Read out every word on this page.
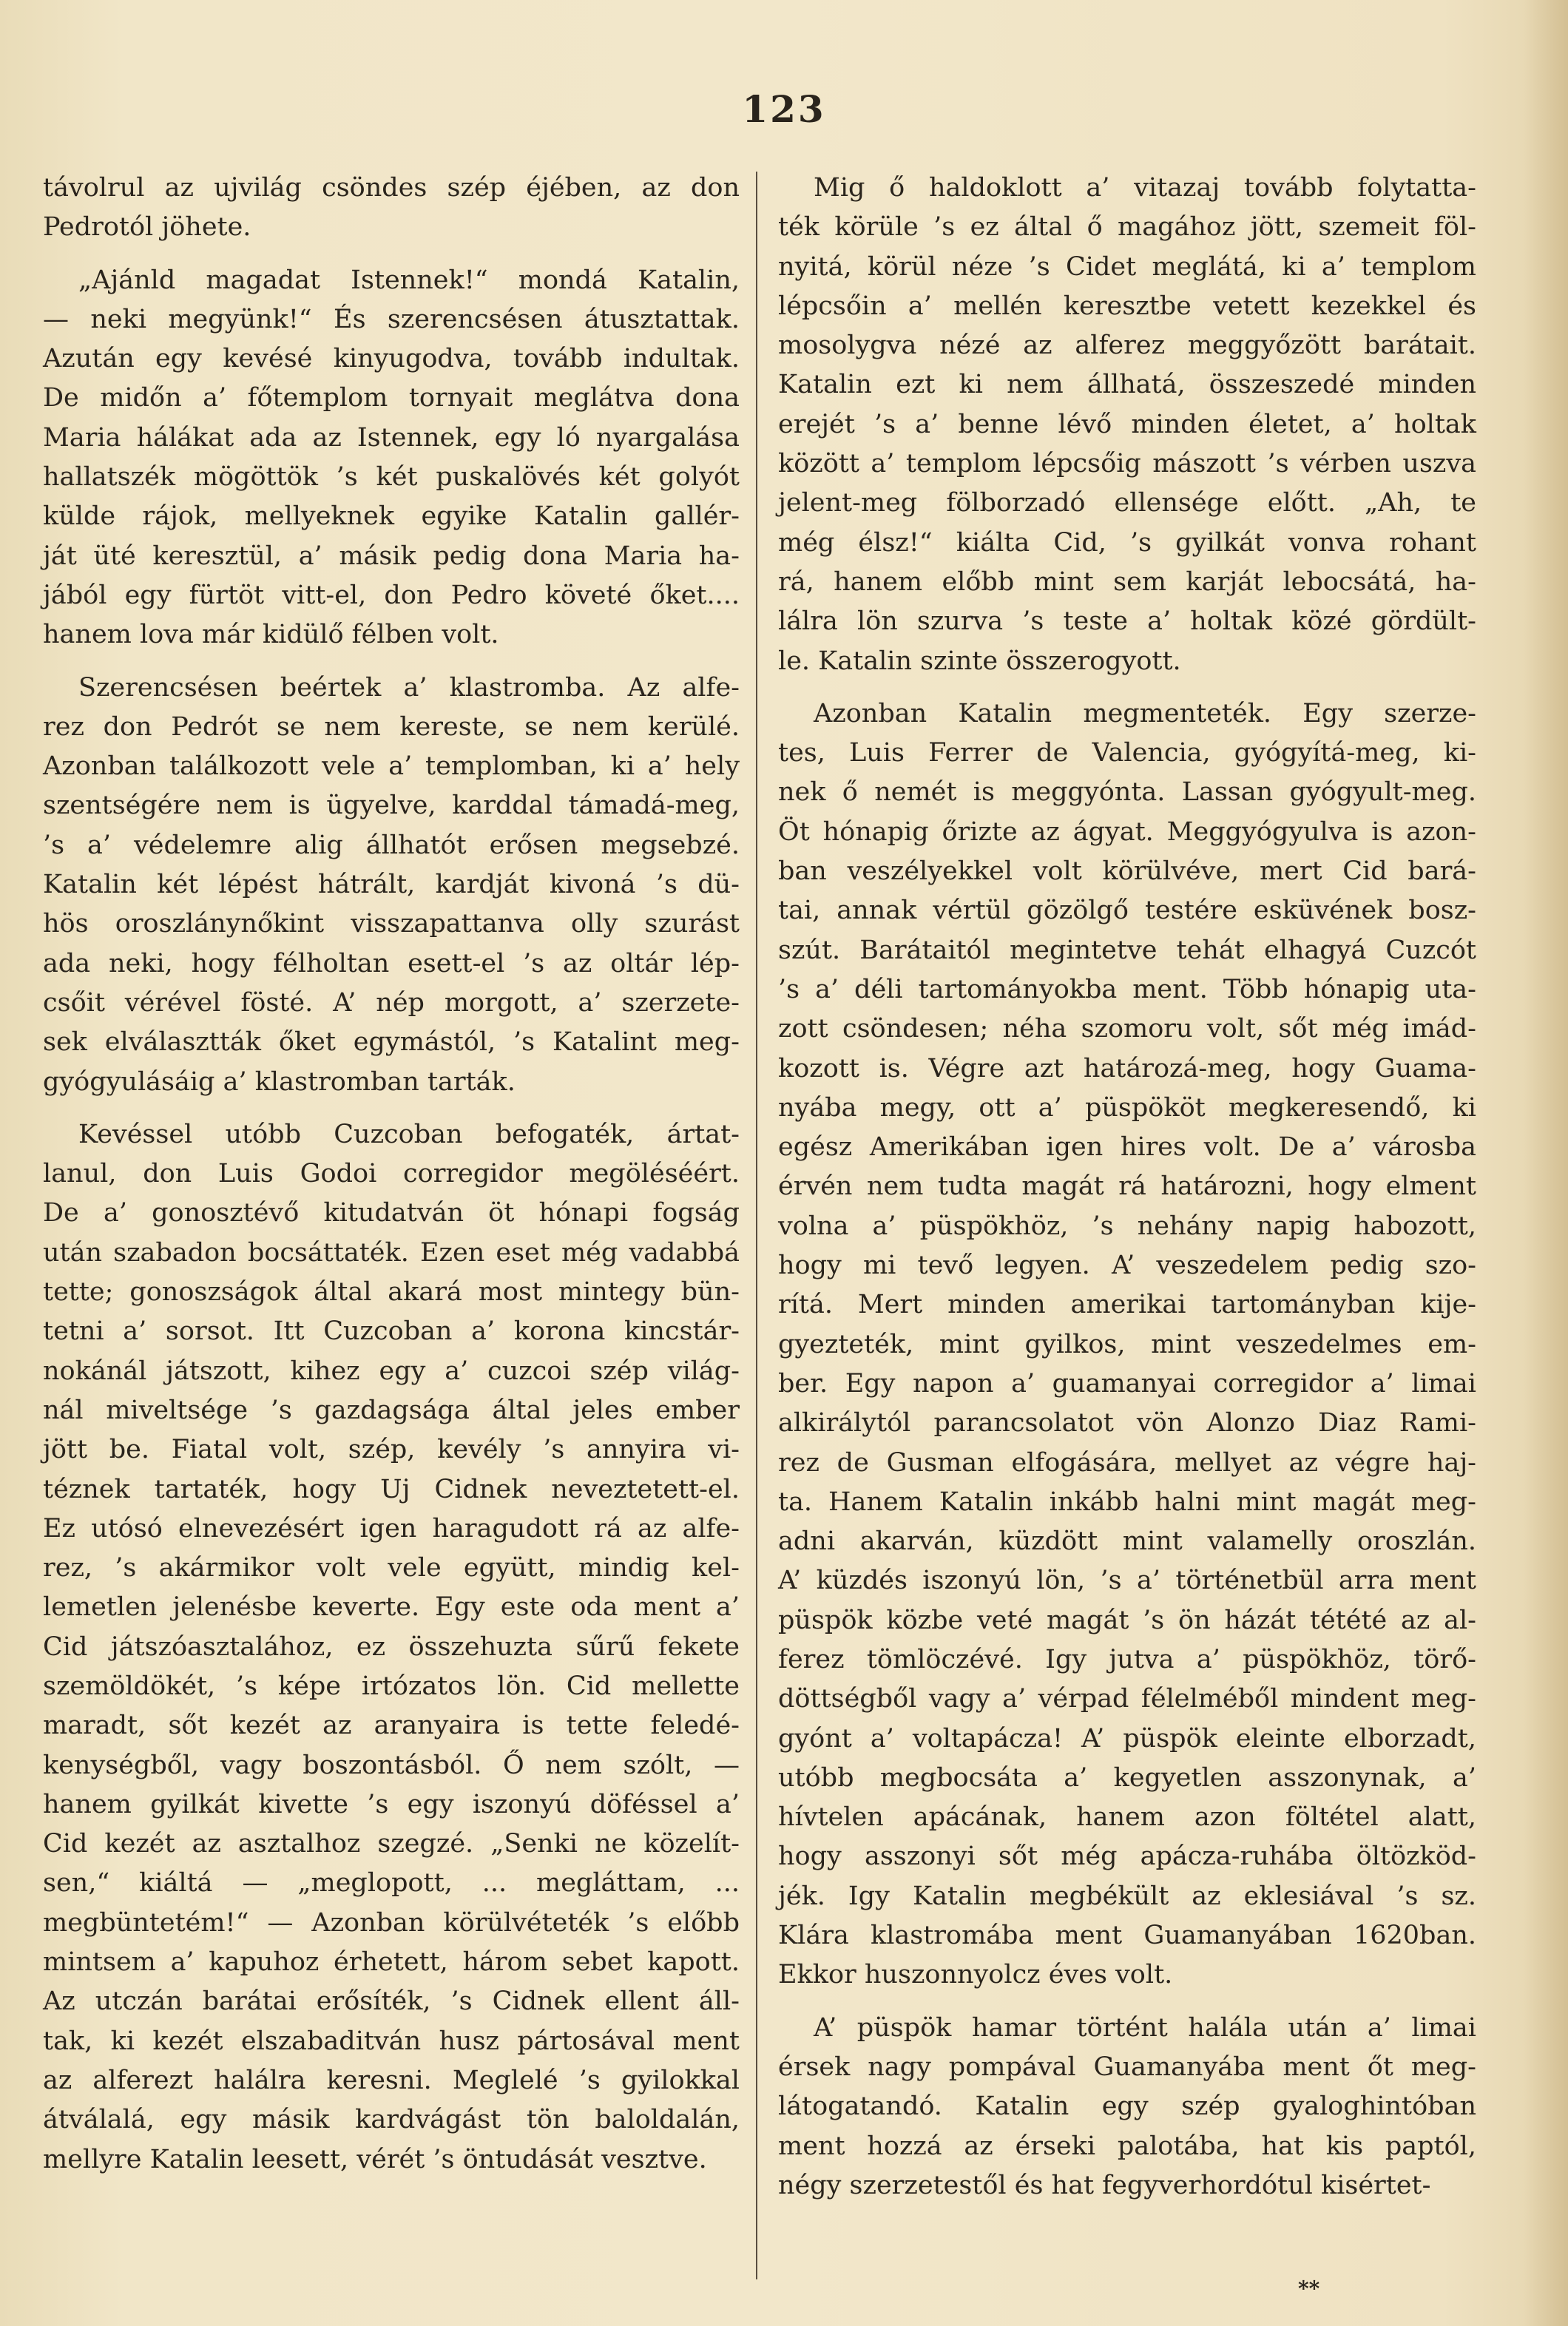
123
távolrul az ujvilág csöndes szép éjében, az don
Pedrotól jöhete.
„Ajánld magadat Istennek!“ mondá Katalin,
— neki megyünk!“ És szerencsésen átusztattak.
Azután egy kevésé kinyugodva, tovább indultak.
De midőn a’ főtemplom tornyait meglátva dona
Maria hálákat ada az Istennek, egy ló nyargalása
hallatszék mögöttök ’s két puskalövés két golyót
külde rájok, mellyeknek egyike Katalin gallér-
ját üté keresztül, a’ másik pedig dona Maria ha-
jából egy fürtöt vitt-el, don Pedro követé őket....
hanem lova már kidülő félben volt.
Szerencsésen beértek a’ klastromba. Az alfe-
rez don Pedrót se nem kereste, se nem kerülé.
Azonban találkozott vele a’ templomban, ki a’ hely
szentségére nem is ügyelve, karddal támadá-meg,
’s a’ védelemre alig állhatót erősen megsebzé.
Katalin két lépést hátrált, kardját kivoná ’s dü-
hös oroszlánynőkint visszapattanva olly szurást
ada neki, hogy félholtan esett-el ’s az oltár lép-
csőit vérével fösté. A’ nép morgott, a’ szerzete-
sek elválasztták őket egymástól, ’s Katalint meg-
gyógyulásáig a’ klastromban tarták.
Kevéssel utóbb Cuzcoban befogaték, ártat-
lanul, don Luis Godoi corregidor megöléséért.
De a’ gonosztévő kitudatván öt hónapi fogság
után szabadon bocsáttaték. Ezen eset még vadabbá
tette; gonoszságok által akará most mintegy bün-
tetni a’ sorsot. Itt Cuzcoban a’ korona kincstár-
nokánál játszott, kihez egy a’ cuzcoi szép világ-
nál miveltsége ’s gazdagsága által jeles ember
jött be. Fiatal volt, szép, kevély ’s annyira vi-
téznek tartaték, hogy Uj Cidnek neveztetett-el.
Ez utósó elnevezésért igen haragudott rá az alfe-
rez, ’s akármikor volt vele együtt, mindig kel-
lemetlen jelenésbe keverte. Egy este oda ment a’
Cid játszóasztalához, ez összehuzta sűrű fekete
szemöldökét, ’s képe irtózatos lön. Cid mellette
maradt, sőt kezét az aranyaira is tette feledé-
kenységből, vagy boszontásból. Ő nem szólt, —
hanem gyilkát kivette ’s egy iszonyú döféssel a’
Cid kezét az asztalhoz szegzé. „Senki ne közelít-
sen,“ kiáltá — „meglopott, ... megláttam, ...
megbüntetém!“ — Azonban körülvéteték ’s előbb
mintsem a’ kapuhoz érhetett, három sebet kapott.
Az utczán barátai erősíték, ’s Cidnek ellent áll-
tak, ki kezét elszabaditván husz pártosával ment
az alferezt halálra keresni. Meglelé ’s gyilokkal
átválalá, egy másik kardvágást tön baloldalán,
mellyre Katalin leesett, vérét ’s öntudását vesztve.
Mig ő haldoklott a’ vitazaj tovább folytatta-
ték körüle ’s ez által ő magához jött, szemeit föl-
nyitá, körül néze ’s Cidet meglátá, ki a’ templom
lépcsőin a’ mellén keresztbe vetett kezekkel és
mosolygva nézé az alferez meggyőzött barátait.
Katalin ezt ki nem állhatá, összeszedé minden
erejét ’s a’ benne lévő minden életet, a’ holtak
között a’ templom lépcsőig mászott ’s vérben uszva
jelent-meg fölborzadó ellensége előtt. „Ah, te
még élsz!“ kiálta Cid, ’s gyilkát vonva rohant
rá, hanem előbb mint sem karját lebocsátá, ha-
lálra lön szurva ’s teste a’ holtak közé gördült-
le. Katalin szinte összerogyott.
Azonban Katalin megmenteték. Egy szerze-
tes, Luis Ferrer de Valencia, gyógyítá-meg, ki-
nek ő nemét is meggyónta. Lassan gyógyult-meg.
Öt hónapig őrizte az ágyat. Meggyógyulva is azon-
ban veszélyekkel volt körülvéve, mert Cid bará-
tai, annak vértül gözölgő testére esküvének bosz-
szút. Barátaitól megintetve tehát elhagyá Cuzcót
’s a’ déli tartományokba ment. Több hónapig uta-
zott csöndesen; néha szomoru volt, sőt még imád-
kozott is. Végre azt határozá-meg, hogy Guama-
nyába megy, ott a’ püspököt megkeresendő, ki
egész Amerikában igen hires volt. De a’ városba
érvén nem tudta magát rá határozni, hogy elment
volna a’ püspökhöz, ’s nehány napig habozott,
hogy mi tevő legyen. A’ veszedelem pedig szo-
rítá. Mert minden amerikai tartományban kije-
gyezteték, mint gyilkos, mint veszedelmes em-
ber. Egy napon a’ guamanyai corregidor a’ limai
alkirálytól parancsolatot vön Alonzo Diaz Rami-
rez de Gusman elfogására, mellyet az végre haj-
ta. Hanem Katalin inkább halni mint magát meg-
adni akarván, küzdött mint valamelly oroszlán.
A’ küzdés iszonyú lön, ’s a’ történetbül arra ment
püspök közbe veté magát ’s ön házát tétété az al-
ferez tömlöczévé. Igy jutva a’ püspökhöz, törő-
döttségből vagy a’ vérpad félelméből mindent meg-
gyónt a’ voltapácza! A’ püspök eleinte elborzadt,
utóbb megbocsáta a’ kegyetlen asszonynak, a’
hívtelen apácának, hanem azon föltétel alatt,
hogy asszonyi sőt még apácza-ruhába öltözköd-
jék. Igy Katalin megbékült az eklesiával ’s sz.
Klára klastromába ment Guamanyában 1620ban.
Ekkor huszonnyolcz éves volt.
A’ püspök hamar történt halála után a’ limai
érsek nagy pompával Guamanyába ment őt meg-
látogatandó. Katalin egy szép gyaloghintóban
ment hozzá az érseki palotába, hat kis paptól,
négy szerzetestől és hat fegyverhordótul kisértet-
**
